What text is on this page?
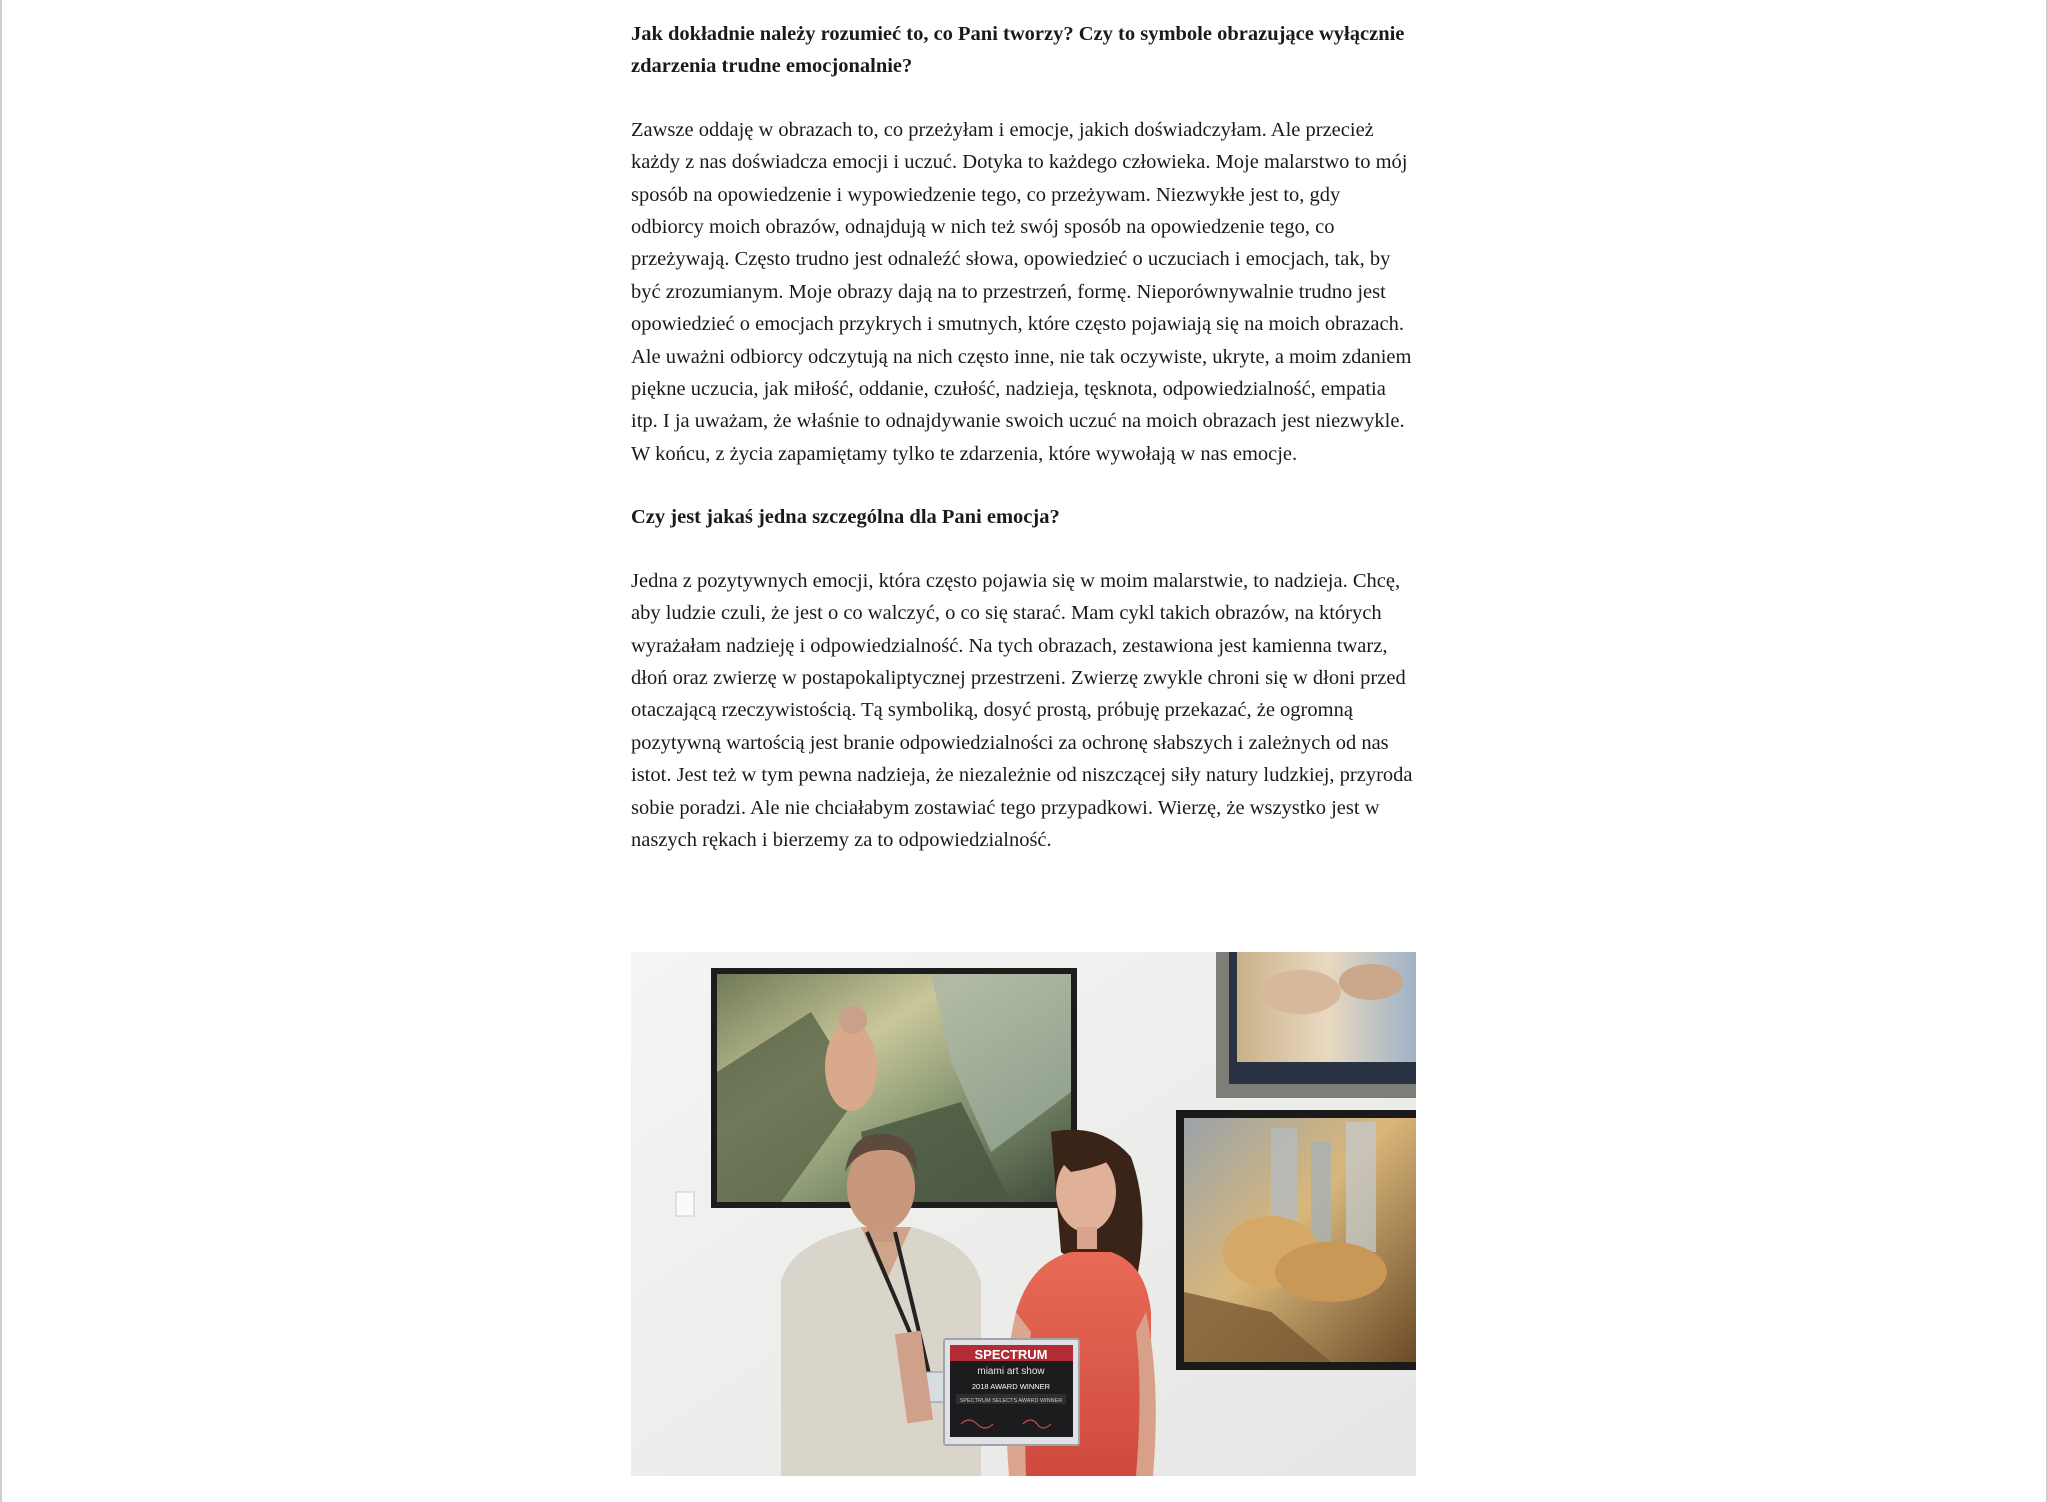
Jak dokładnie należy rozumieć to, co Pani tworzy? Czy to symbole obrazujące wyłącznie zdarzenia trudne emocjonalnie?

Zawsze oddaję w obrazach to, co przeżyłam i emocje, jakich doświadczyłam. Ale przecież każdy z nas doświadcza emocji i uczuć. Dotyka to każdego człowieka. Moje malarstwo to mój sposób na opowiedzenie i wypowiedzenie tego, co przeżywam. Niezwykłe jest to, gdy odbiorcy moich obrazów, odnajdują w nich też swój sposób na opowiedzenie tego, co przeżywają. Często trudno jest odnaleźć słowa, opowiedzieć o uczuciach i emocjach, tak, by być zrozumianym. Moje obrazy dają na to przestrzeń, formę. Nieporównywalnie trudno jest opowiedzieć o emocjach przykrych i smutnych, które często pojawiają się na moich obrazach. Ale uważni odbiorcy odczytują na nich często inne, nie tak oczywiste, ukryte, a moim zdaniem piękne uczucia, jak miłość, oddanie, czułość, nadzieja, tęsknota, odpowiedzialność, empatia itp. I ja uważam, że właśnie to odnajdywanie swoich uczuć na moich obrazach jest niezwykle. W końcu, z życia zapamiętamy tylko te zdarzenia, które wywołają w nas emocje.

Czy jest jakaś jedna szczególna dla Pani emocja?

Jedna z pozytywnych emocji, która często pojawia się w moim malarstwie, to nadzieja. Chcę, aby ludzie czuli, że jest o co walczyć, o co się starać. Mam cykl takich obrazów, na których wyrażałam nadzieję i odpowiedzialność. Na tych obrazach, zestawiona jest kamienna twarz, dłoń oraz zwierzę w postapokaliptycznej przestrzeni. Zwierzę zwykle chroni się w dłoni przed otaczającą rzeczywistością. Tą symboliką, dosyć prostą, próbuję przekazać, że ogromną pozytywną wartością jest branie odpowiedzialności za ochronę słabszych i zależnych od nas istot. Jest też w tym pewna nadzieja, że niezależnie od niszczącej siły natury ludzkiej, przyroda sobie poradzi. Ale nie chciałabym zostawiać tego przypadkowi. Wierzę, że wszystko jest w naszych rękach i bierzemy za to odpowiedzialność.

SPECTRUM
miami art show
2018 AWARD WINNER
SPECTRUM SELECTS AWARD WINNER
